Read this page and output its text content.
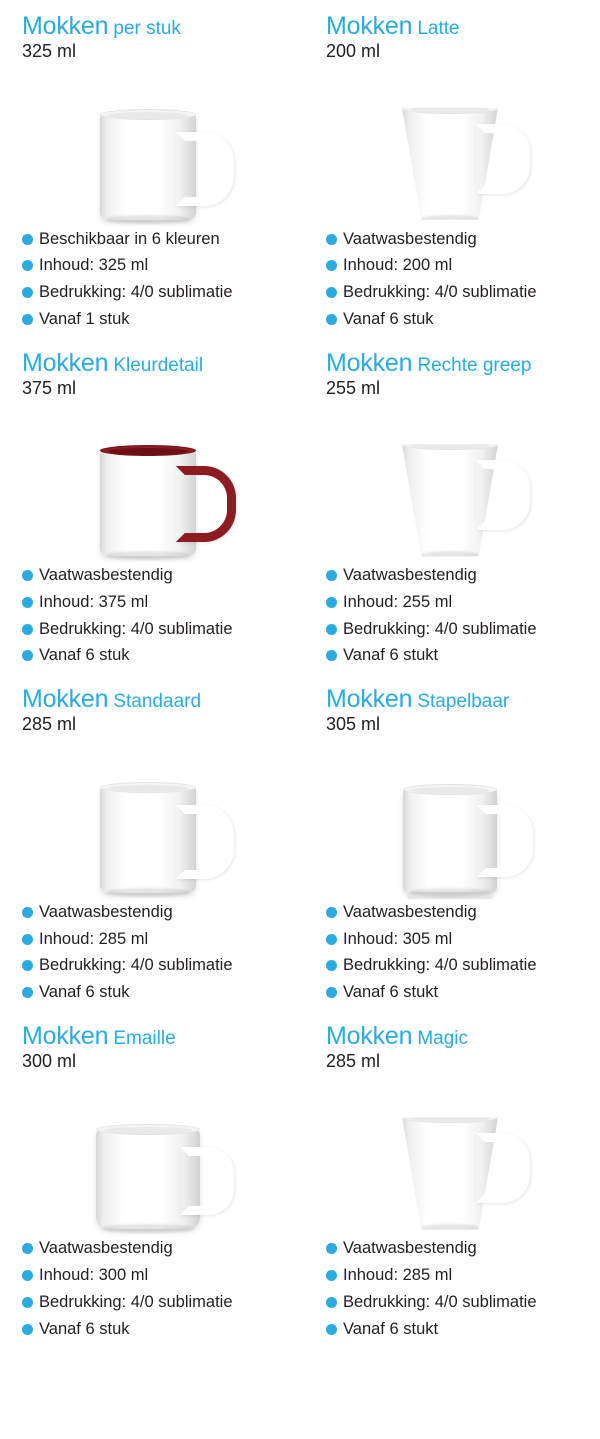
Mokken per stuk
325 ml
Beschikbaar in 6 kleuren
Inhoud: 325 ml
Bedrukking: 4/0 sublimatie
Vanaf 1 stuk
Mokken Latte
200 ml
Vaatwasbestendig
Inhoud: 200 ml
Bedrukking: 4/0 sublimatie
Vanaf 6 stuk
Mokken Kleurdetail
375 ml
Vaatwasbestendig
Inhoud: 375 ml
Bedrukking: 4/0 sublimatie
Vanaf 6 stuk
Mokken Rechte greep
255 ml
Vaatwasbestendig
Inhoud: 255 ml
Bedrukking: 4/0 sublimatie
Vanaf 6 stukt
Mokken Standaard
285 ml
Vaatwasbestendig
Inhoud: 285 ml
Bedrukking: 4/0 sublimatie
Vanaf 6 stuk
Mokken Stapelbaar
305 ml
Vaatwasbestendig
Inhoud: 305 ml
Bedrukking: 4/0 sublimatie
Vanaf 6 stukt
Mokken Emaille
300 ml
Vaatwasbestendig
Inhoud: 300 ml
Bedrukking: 4/0 sublimatie
Vanaf 6 stuk
Mokken Magic
285 ml
Vaatwasbestendig
Inhoud: 285 ml
Bedrukking: 4/0 sublimatie
Vanaf 6 stukt
